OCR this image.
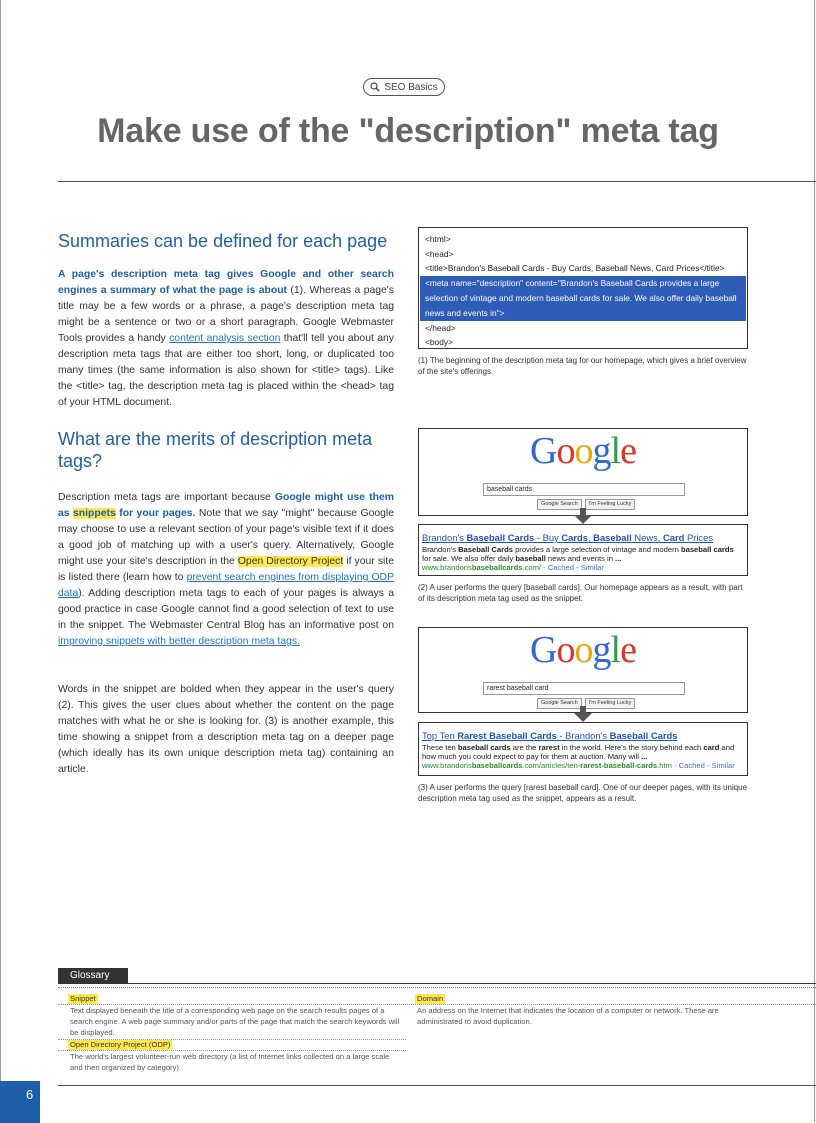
SEO Basics
Make use of the "description" meta tag
Summaries can be defined for each page

A page's description meta tag gives Google and other search engines a summary of what the page is about (1). Whereas a page's title may be a few words or a phrase, a page's description meta tag might be a sentence or two or a short paragraph. Google Webmaster Tools provides a handy content analysis section that'll tell you about any description meta tags that are either too short, long, or duplicated too many times (the same information is also shown for <title> tags). Like the <title> tag, the description meta tag is placed within the <head> tag of your HTML document.

What are the merits of description meta tags?

Description meta tags are important because Google might use them as snippets for your pages. Note that we say "might" because Google may choose to use a relevant section of your page's visible text if it does a good job of matching up with a user's query. Alternatively, Google might use your site's description in the Open Directory Project if your site is listed there (learn how to prevent search engines from displaying ODP data). Adding description meta tags to each of your pages is always a good practice in case Google cannot find a good selection of text to use in the snippet. The Webmaster Central Blog has an informative post on improving snippets with better description meta tags.

Words in the snippet are bolded when they appear in the user's query (2). This gives the user clues about whether the content on the page matches with what he or she is looking for. (3) is another example, this time showing a snippet from a description meta tag on a deeper page (which ideally has its own unique description meta tag) containing an article.

<html>
<head>
<title>Brandon's Baseball Cards - Buy Cards, Baseball News, Card Prices</title>
<meta name="description" content="Brandon's Baseball Cards provides a large selection of vintage and modern baseball cards for sale. We also offer daily baseball news and events in">
</head>
<body>

(1) The beginning of the description meta tag for our homepage, which gives a brief overview of the site's offerings.

Google
baseball cards
Google Search	I'm Feeling Lucky
Brandon's Baseball Cards - Buy Cards, Baseball News, Card Prices
Brandon's Baseball Cards provides a large selection of vintage and modern baseball cards for sale. We also offer daily baseball news and events in ...
www.brandonsbaseballcards.com/ - Cached - Similar

(2) A user performs the query [baseball cards]. Our homepage appears as a result, with part of its description meta tag used as the snippet.

Google
rarest baseball card
Google Search	I'm Feeling Lucky
Top Ten Rarest Baseball Cards - Brandon's Baseball Cards
These ten baseball cards are the rarest in the world. Here's the story behind each card and how much you could expect to pay for them at auction. Many will ...
www.brandonsbaseballcards.com/articles/ten-rarest-baseball-cards.htm - Cached - Similar

(3) A user performs the query [rarest baseball card]. One of our deeper pages, with its unique description meta tag used as the snippet, appears as a result.

Glossary
Snippet

Text displayed beneath the title of a corresponding web page on the search results pages of a search engine. A web page summary and/or parts of the page that match the search keywords will be displayed.

Open Directory Project (ODP)

The world's largest volunteer-run web directory (a list of Internet links collected on a large scale and then organized by category).

Domain

An address on the Internet that indicates the location of a computer or network. These are administrated to avoid duplication.

6
